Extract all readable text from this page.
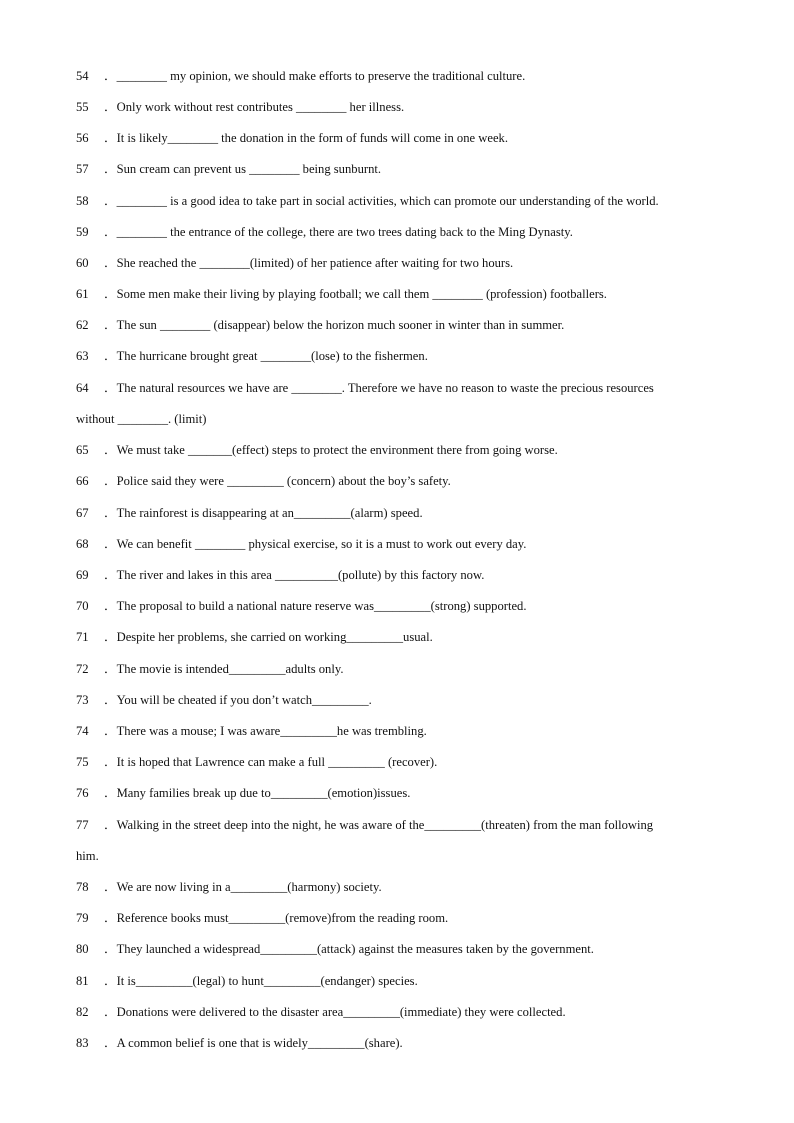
54 ．________ my opinion, we should make efforts to preserve the traditional culture.
55 ．Only work without rest contributes ________ her illness.
56 ．It is likely________ the donation in the form of funds will come in one week.
57 ．Sun cream can prevent us ________ being sunburnt.
58 ．________ is a good idea to take part in social activities, which can promote our understanding of the world.
59 ．________ the entrance of the college, there are two trees dating back to the Ming Dynasty.
60 ．She reached the ________(limited) of her patience after waiting for two hours.
61 ．Some men make their living by playing football; we call them ________ (profession) footballers.
62 ．The sun ________ (disappear) below the horizon much sooner in winter than in summer.
63 ．The hurricane brought great ________(lose) to the fishermen.
64 ．The natural resources we have are ________. Therefore we have no reason to waste the precious resources
without ________. (limit)
65 ．We must take _______(effect) steps to protect the environment there from going worse.
66 ．Police said they were _________ (concern) about the boy’s safety.
67 ．The rainforest is disappearing at an_________(alarm) speed.
68 ．We can benefit ________ physical exercise, so it is a must to work out every day.
69 ．The river and lakes in this area __________(pollute) by this factory now.
70 ．The proposal to build a national nature reserve was_________(strong) supported.
71 ．Despite her problems, she carried on working_________usual.
72 ．The movie is intended_________adults only.
73 ．You will be cheated if you don’t watch_________.
74 ．There was a mouse; I was aware_________he was trembling.
75 ．It is hoped that Lawrence can make a full _________ (recover).
76 ．Many families break up due to_________(emotion)issues.
77 ．Walking in the street deep into the night, he was aware of the_________(threaten) from the man following
him.
78 ．We are now living in a_________(harmony) society.
79 ．Reference books must_________(remove)from the reading room.
80 ．They launched a widespread_________(attack) against the measures taken by the government.
81 ．It is_________(legal) to hunt_________(endanger) species.
82 ．Donations were delivered to the disaster area_________(immediate) they were collected.
83 ．A common belief is one that is widely_________(share).
